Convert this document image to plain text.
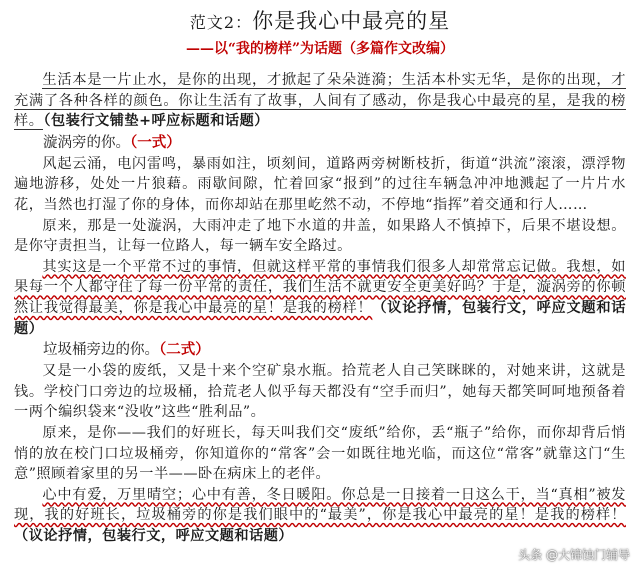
范文2：你是我心中最亮的星

——以“我的榜样”为话题（多篇作文改编）

生活本是一片止水，是你的出现，才掀起了朵朵涟漪；生活本朴实无华，是你的出现，才充满了各种各样的颜色。你让生活有了故事，人间有了感动，你是我心中最亮的星，是我的榜样。（包装行文铺垫+呼应标题和话题）

漩涡旁的你。（一式）

风起云涌，电闪雷鸣，暴雨如注，顷刻间，道路两旁树断枝折，街道“洪流”滚滚，漂浮物遍地游移，处处一片狼藉。雨歇间隙，忙着回家“报到”的过往车辆急冲冲地溅起了一片片水花，当然也打湿了你的身体，而你却站在那里屹然不动，不停地“指挥”着交通和行人……

原来，那是一处漩涡，大雨冲走了地下水道的井盖，如果路人不慎掉下，后果不堪设想。是你守责担当，让每一位路人，每一辆车安全路过。

其实这是一个平常不过的事情，但就这样平常的事情我们很多人却常常忘记做。我想，如果每一个人都守住了每一份平常的责任，我们生活不就更安全更美好吗？于是，漩涡旁的你顿然让我觉得最美，你是我心中最亮的星！是我的榜样！（议论抒情，包装行文，呼应文题和话题）

垃圾桶旁边的你。（二式）

又是一小袋的废纸，又是十来个空矿泉水瓶。拾荒老人自己笑眯眯的，对她来讲，这就是钱。学校门口旁边的垃圾桶，拾荒老人似乎每天都没有“空手而归”，她每天都笑呵呵地预备着一两个编织袋来“没收”这些“胜利品”。

原来，是你——我们的好班长，每天叫我们交“废纸”给你，丢“瓶子”给你，而你却背后悄悄的放在校门口垃圾桶旁，你知道你的“常客”会一如既往地光临，而这位“常客”就靠这门“生意”照顾着家里的另一半——卧在病床上的老伴。

心中有爱，万里晴空；心中有善，冬日暖阳。你总是一日接着一日这么干，当“真相”被发现，我的好班长，垃圾桶旁的你是我们眼中的“最美”，你是我心中最亮的星！是我的榜样！（议论抒情，包装行文，呼应文题和话题）

头条 @大锦蚀门辅导
